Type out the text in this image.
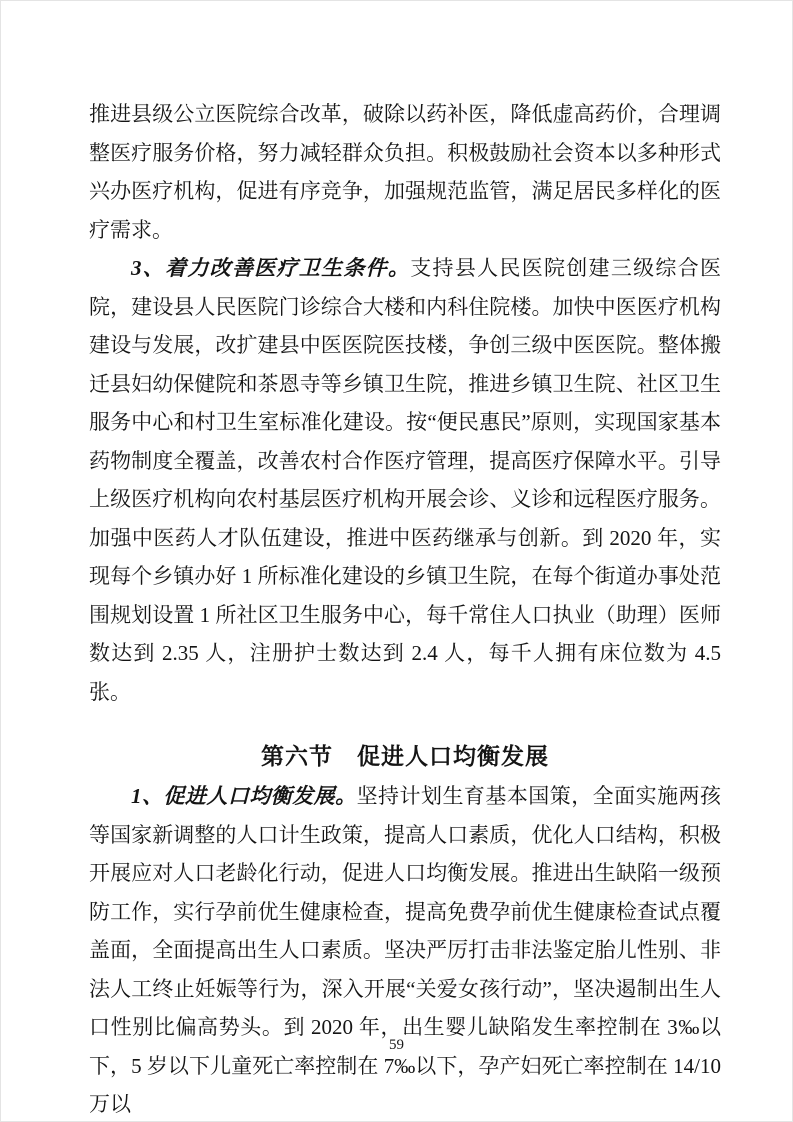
推进县级公立医院综合改革，破除以药补医，降低虚高药价，合理调整医疗服务价格，努力减轻群众负担。积极鼓励社会资本以多种形式兴办医疗机构，促进有序竞争，加强规范监管，满足居民多样化的医疗需求。

3、着力改善医疗卫生条件。支持县人民医院创建三级综合医院，建设县人民医院门诊综合大楼和内科住院楼。加快中医医疗机构建设与发展，改扩建县中医医院医技楼，争创三级中医医院。整体搬迁县妇幼保健院和茶恩寺等乡镇卫生院，推进乡镇卫生院、社区卫生服务中心和村卫生室标准化建设。按“便民惠民”原则，实现国家基本药物制度全覆盖，改善农村合作医疗管理，提高医疗保障水平。引导上级医疗机构向农村基层医疗机构开展会诊、义诊和远程医疗服务。加强中医药人才队伍建设，推进中医药继承与创新。到 2020 年，实现每个乡镇办好 1 所标准化建设的乡镇卫生院，在每个街道办事处范围规划设置 1 所社区卫生服务中心，每千常住人口执业（助理）医师数达到 2.35 人，注册护士数达到 2.4 人，每千人拥有床位数为 4.5 张。

第六节　促进人口均衡发展

1、促进人口均衡发展。坚持计划生育基本国策，全面实施两孩等国家新调整的人口计生政策，提高人口素质，优化人口结构，积极开展应对人口老龄化行动，促进人口均衡发展。推进出生缺陷一级预防工作，实行孕前优生健康检查，提高免费孕前优生健康检查试点覆盖面，全面提高出生人口素质。坚决严厉打击非法鉴定胎儿性别、非法人工终止妊娠等行为，深入开展“关爱女孩行动”，坚决遏制出生人口性别比偏高势头。到 2020 年，出生婴儿缺陷发生率控制在 3‰以下，5 岁以下儿童死亡率控制在 7‰以下，孕产妇死亡率控制在 14/10 万以

59
